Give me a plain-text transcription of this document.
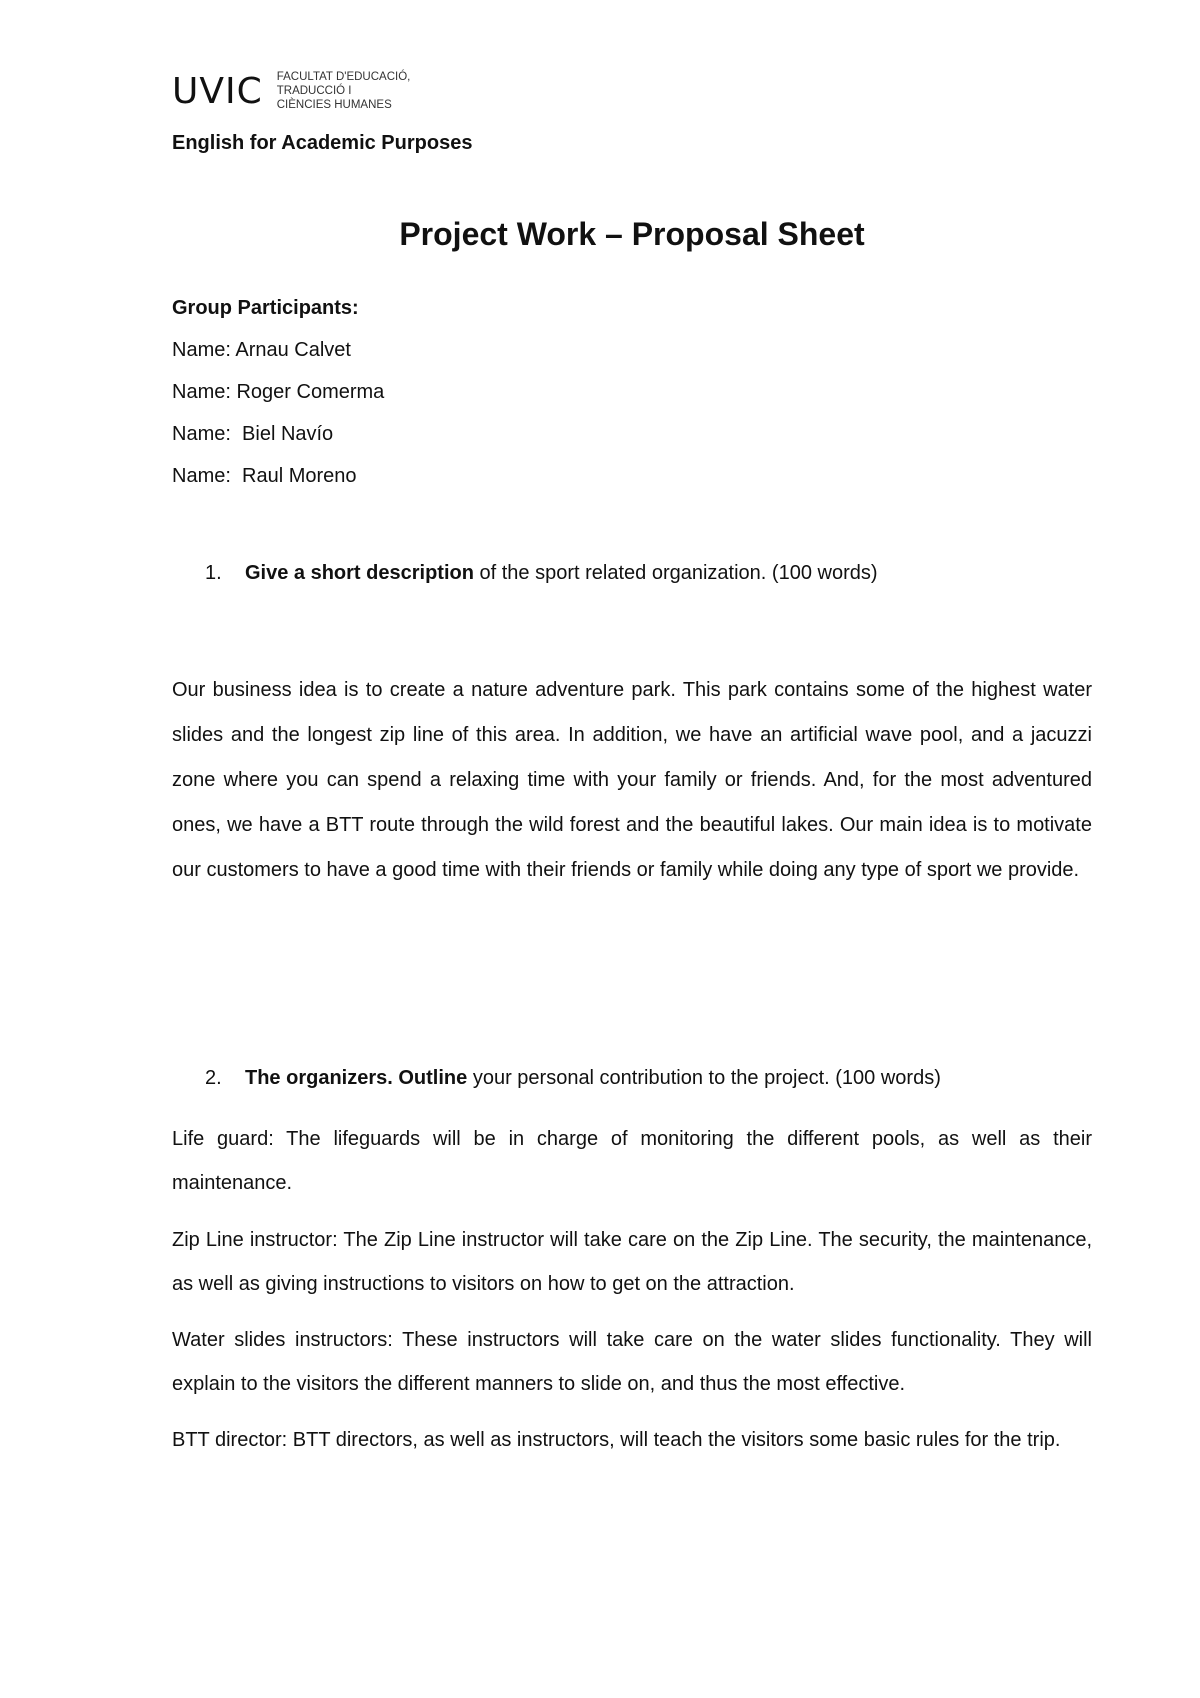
UVIC FACULTAT D'EDUCACIÓ,
TRADUCCIÓ I
CIÈNCIES HUMANES
English for Academic Purposes
Project Work – Proposal Sheet
Group Participants:
Name: Arnau Calvet
Name: Roger Comerma
Name: Biel Navío
Name: Raul Moreno
1.	Give a short description of the sport related organization. (100 words)
Our business idea is to create a nature adventure park. This park contains some of the highest water slides and the longest zip line of this area. In addition, we have an artificial wave pool, and a jacuzzi zone where you can spend a relaxing time with your family or friends. And, for the most adventured ones, we have a BTT route through the wild forest and the beautiful lakes. Our main idea is to motivate our customers to have a good time with their friends or family while doing any type of sport we provide.
2.	The organizers. Outline your personal contribution to the project. (100 words)
Life guard: The lifeguards will be in charge of monitoring the different pools, as well as their maintenance.
Zip Line instructor: The Zip Line instructor will take care on the Zip Line. The security, the maintenance, as well as giving instructions to visitors on how to get on the attraction.
Water slides instructors: These instructors will take care on the water slides functionality. They will explain to the visitors the different manners to slide on, and thus the most effective.
BTT director: BTT directors, as well as instructors, will teach the visitors some basic rules for the trip.
